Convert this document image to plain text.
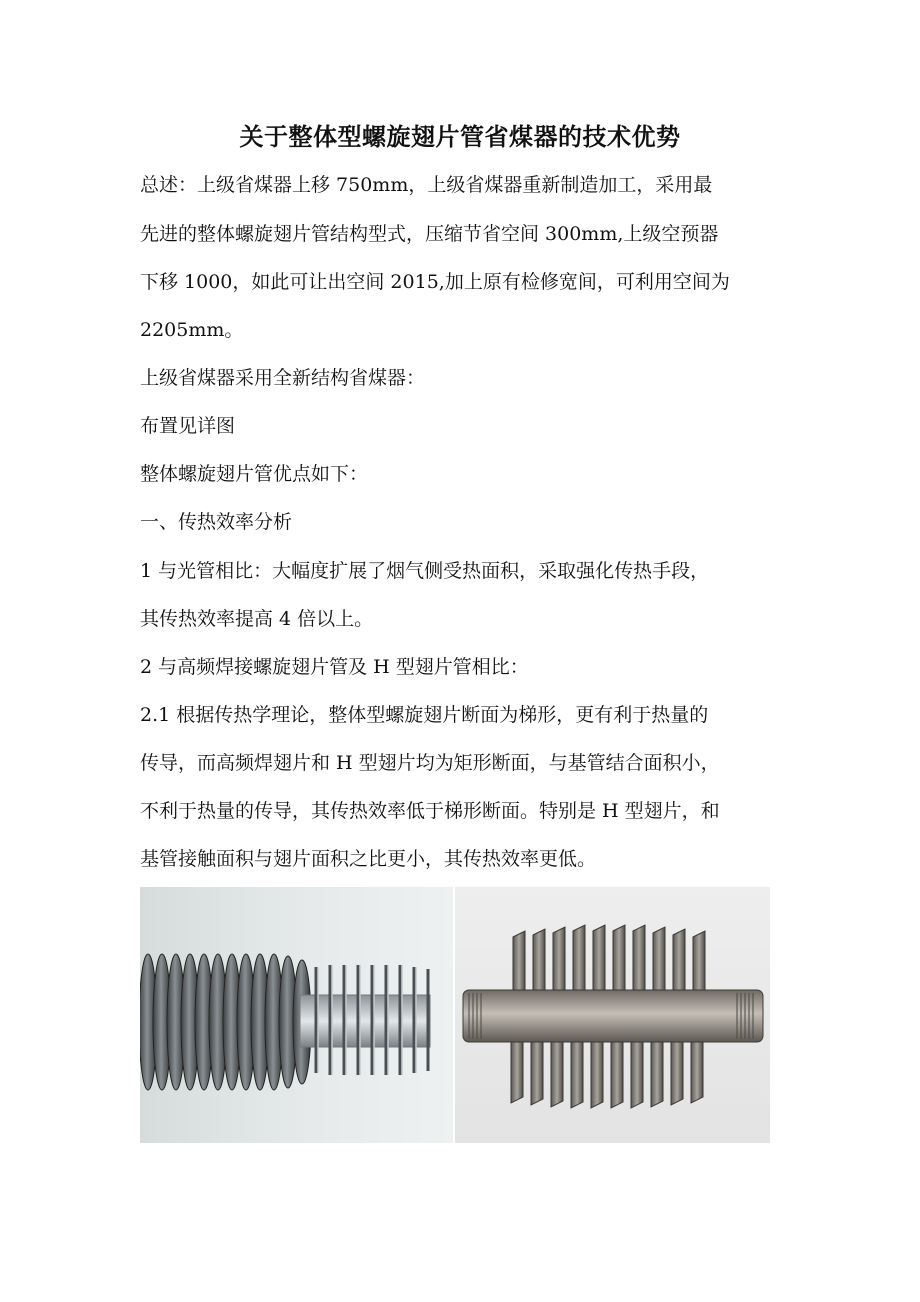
关于整体型螺旋翅片管省煤器的技术优势
总述：上级省煤器上移 750mm，上级省煤器重新制造加工，采用最
先进的整体螺旋翅片管结构型式，压缩节省空间 300mm,上级空预器
下移 1000，如此可让出空间 2015,加上原有检修宽间，可利用空间为
2205mm。
上级省煤器采用全新结构省煤器：
布置见详图
整体螺旋翅片管优点如下：
一、传热效率分析
1 与光管相比：大幅度扩展了烟气侧受热面积，采取强化传热手段，
其传热效率提高 4 倍以上。
2 与高频焊接螺旋翅片管及 H 型翅片管相比：
2.1 根据传热学理论，整体型螺旋翅片断面为梯形，更有利于热量的
传导，而高频焊翅片和 H 型翅片均为矩形断面，与基管结合面积小，
不利于热量的传导，其传热效率低于梯形断面。特别是 H 型翅片，和
基管接触面积与翅片面积之比更小，其传热效率更低。
